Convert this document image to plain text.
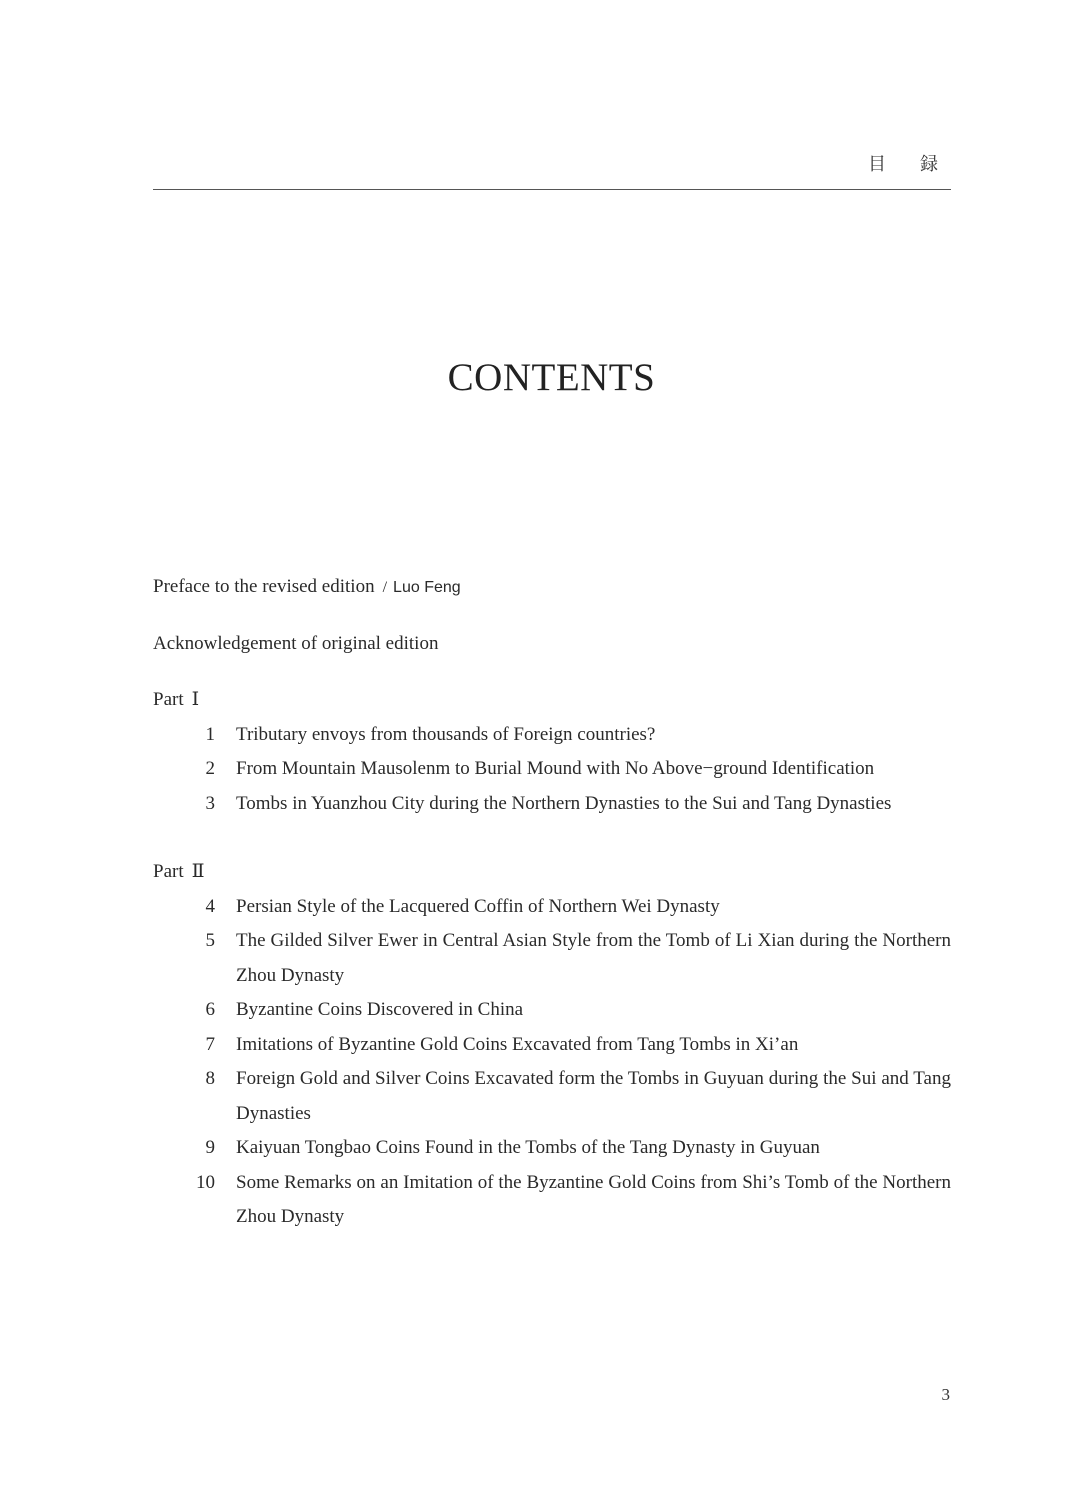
目 録
CONTENTS
Preface to the revised edition / Luo Feng
Acknowledgement of original edition
Part Ⅰ
1 Tributary envoys from thousands of Foreign countries?
2 From Mountain Mausolenm to Burial Mound with No Above−ground Identification
3 Tombs in Yuanzhou City during the Northern Dynasties to the Sui and Tang Dynasties
Part Ⅱ
4 Persian Style of the Lacquered Coffin of Northern Wei Dynasty
5 The Gilded Silver Ewer in Central Asian Style from the Tomb of Li Xian during the Northern Zhou Dynasty
6 Byzantine Coins Discovered in China
7 Imitations of Byzantine Gold Coins Excavated from Tang Tombs in Xi’an
8 Foreign Gold and Silver Coins Excavated form the Tombs in Guyuan during the Sui and Tang Dynasties
9 Kaiyuan Tongbao Coins Found in the Tombs of the Tang Dynasty in Guyuan
10 Some Remarks on an Imitation of the Byzantine Gold Coins from Shi’s Tomb of the Northern Zhou Dynasty
3
